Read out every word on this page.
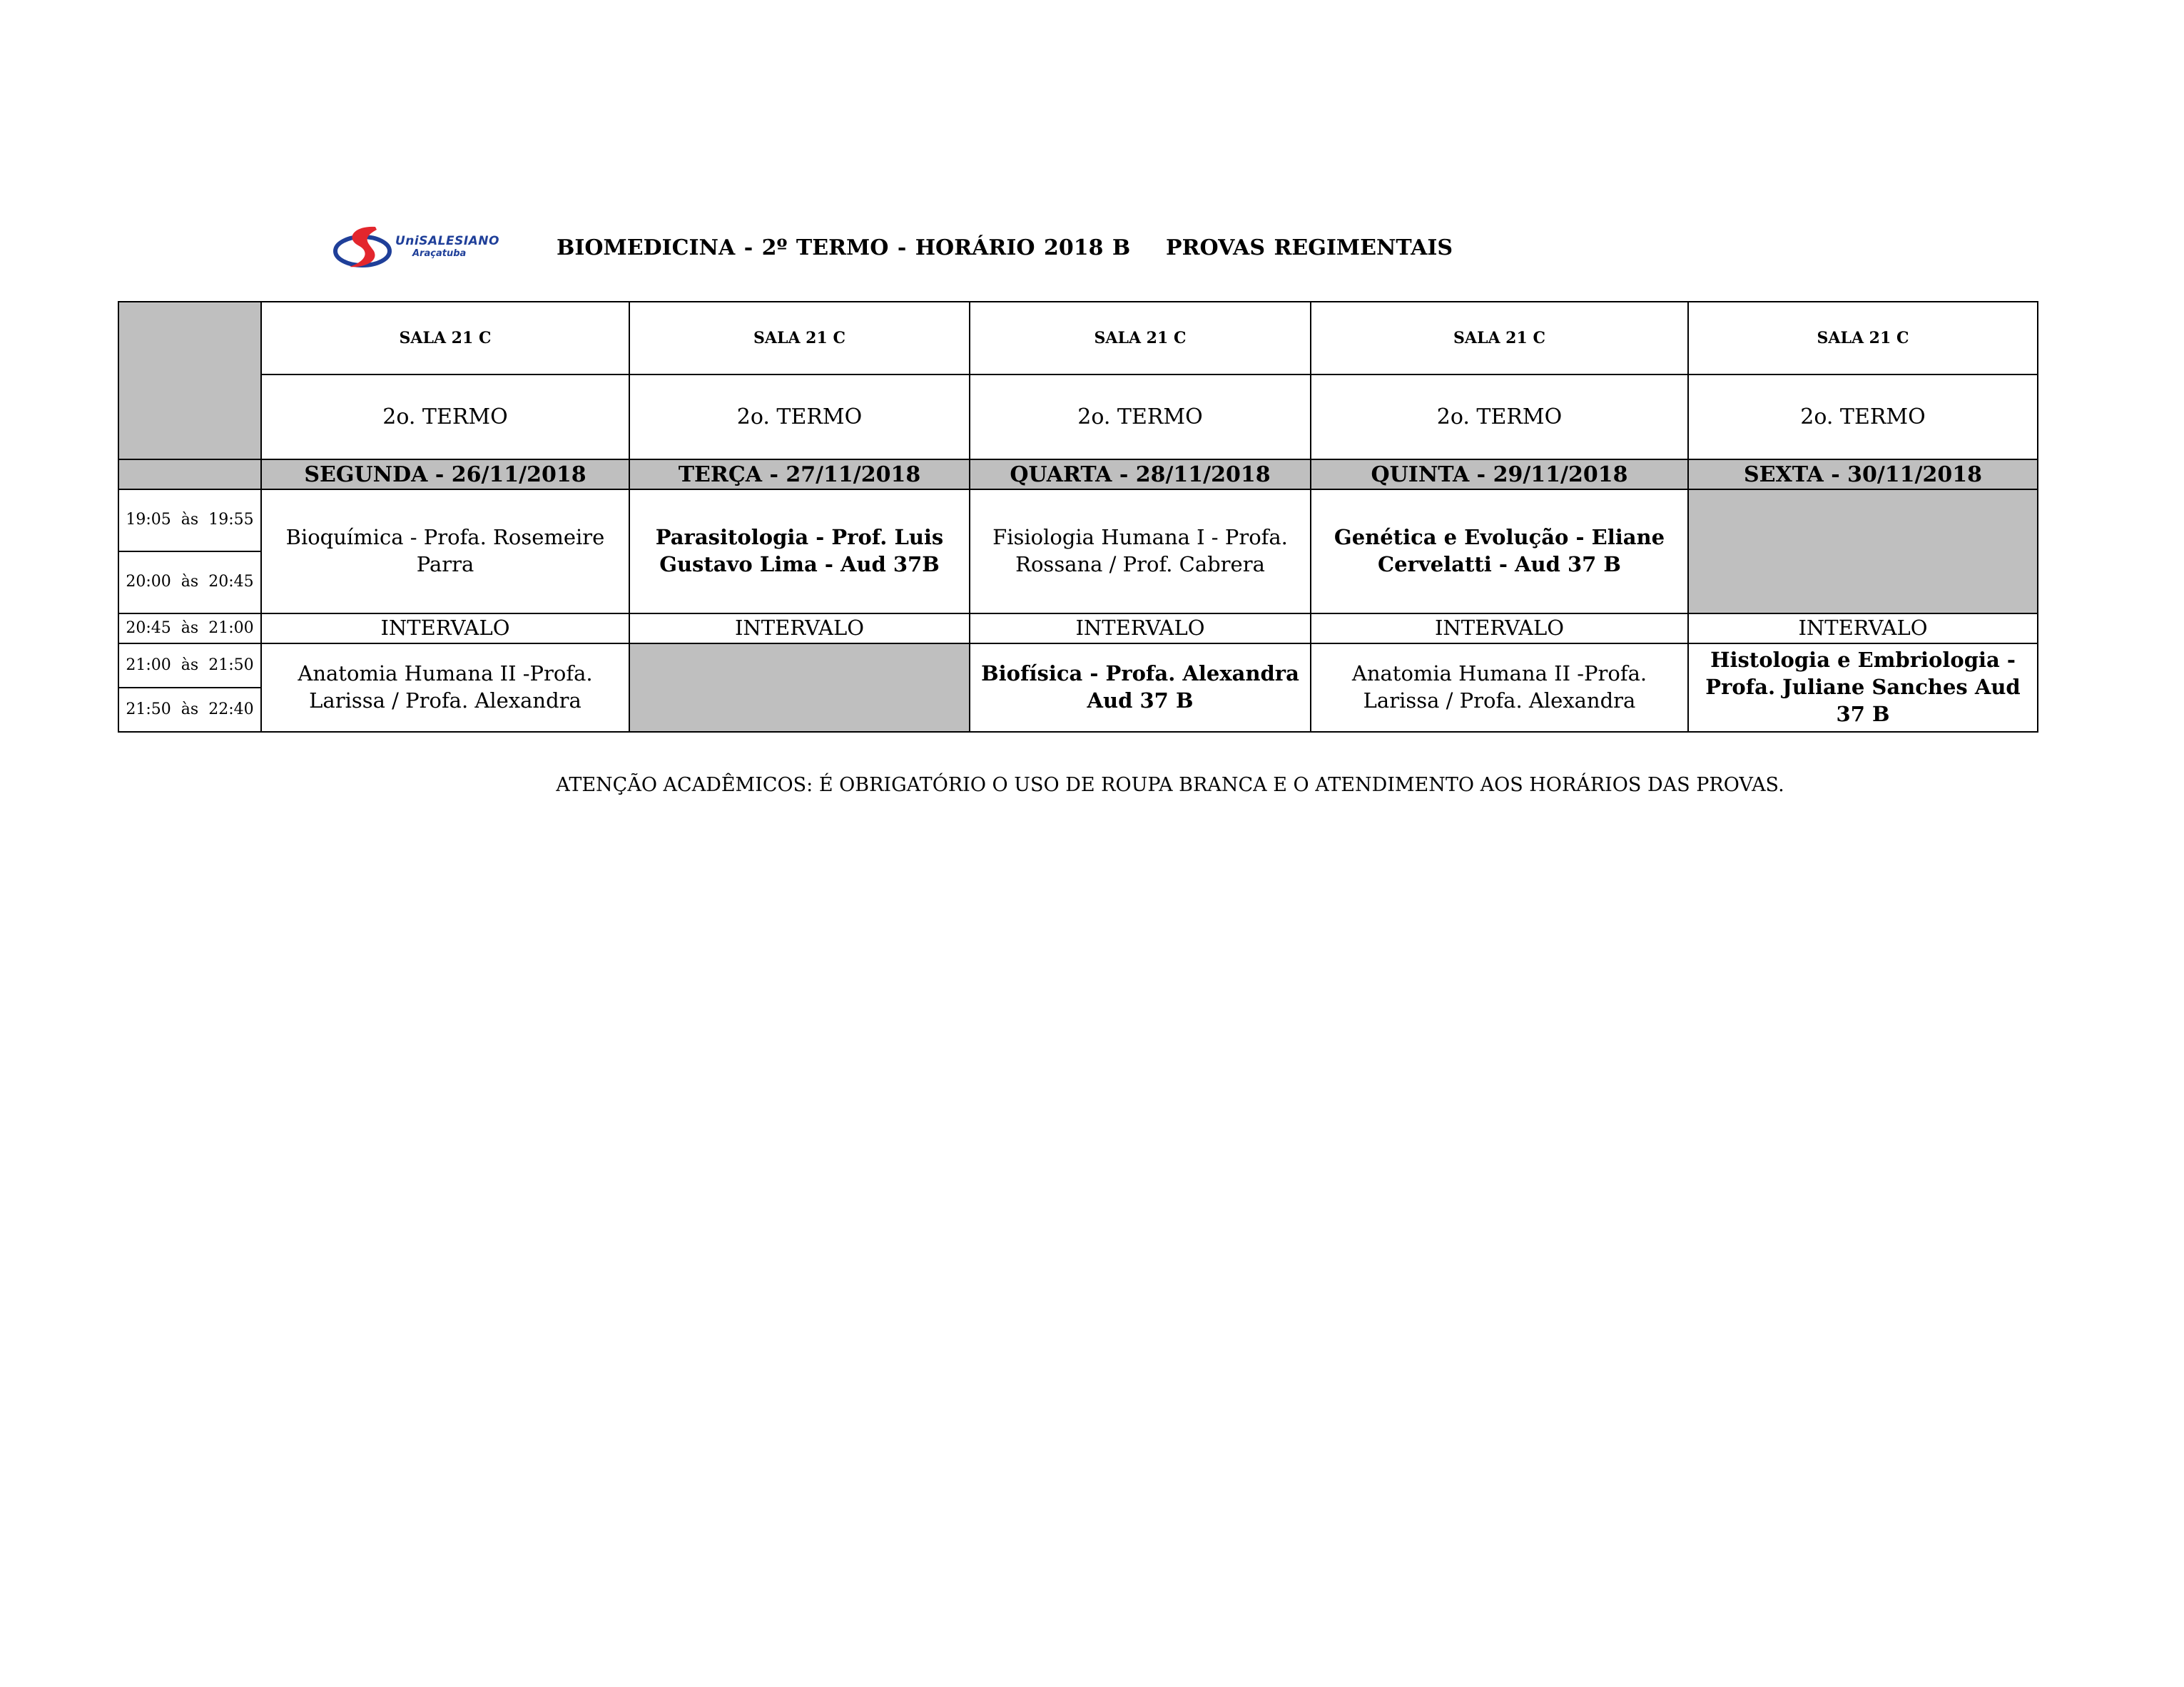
UniSALESIANO
Araçatuba	BIOMEDICINA - 2º TERMO - HORÁRIO 2018 B    PROVAS REGIMENTAIS
	SALA 21 C	SALA 21 C	SALA 21 C	SALA 21 C	SALA 21 C
	2o. TERMO	2o. TERMO	2o. TERMO	2o. TERMO	2o. TERMO
	SEGUNDA - 26/11/2018	TERÇA - 27/11/2018	QUARTA - 28/11/2018	QUINTA - 29/11/2018	SEXTA - 30/11/2018
19:05 às 19:55	Bioquímica - Profa. Rosemeire Parra	Parasitologia - Prof. Luis Gustavo Lima - Aud 37B	Fisiologia Humana I - Profa. Rossana / Prof. Cabrera	Genética e Evolução - Eliane Cervelatti - Aud 37 B	
20:00 às 20:45					
20:45 às 21:00	INTERVALO	INTERVALO	INTERVALO	INTERVALO	INTERVALO
21:00 às 21:50	Anatomia Humana II -Profa. Larissa / Profa. Alexandra		Biofísica - Profa. Alexandra Aud 37 B	Anatomia Humana II -Profa. Larissa / Profa. Alexandra	Histologia e Embriologia - Profa. Juliane Sanches Aud 37 B
21:50 às 22:40					
ATENÇÃO ACADÊMICOS: É OBRIGATÓRIO O USO DE ROUPA BRANCA E O ATENDIMENTO AOS HORÁRIOS DAS PROVAS.
